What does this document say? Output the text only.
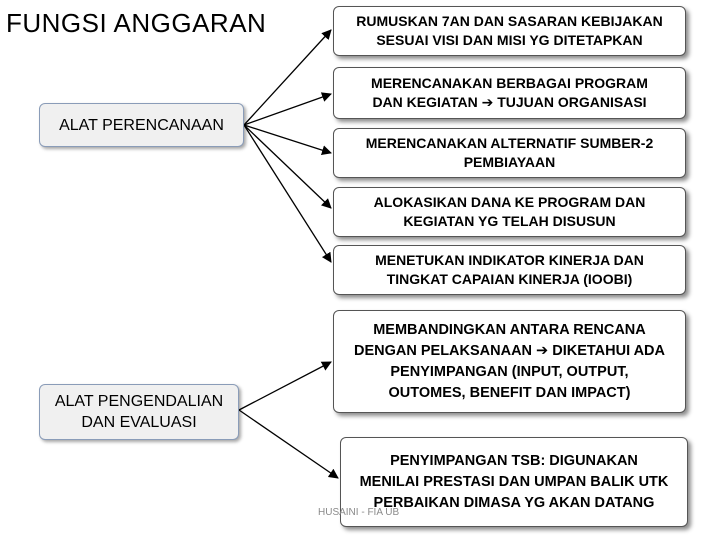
FUNGSI ANGGARAN
ALAT PERENCANAAN
ALAT PENGENDALIAN DAN EVALUASI
RUMUSKAN 7AN DAN SASARAN KEBIJAKAN
SESUAI VISI DAN MISI YG DITETAPKAN
MERENCANAKAN BERBAGAI PROGRAM
DAN KEGIATAN ➔ TUJUAN ORGANISASI
MERENCANAKAN ALTERNATIF SUMBER-2
PEMBIAYAAN
ALOKASIKAN DANA KE PROGRAM DAN
KEGIATAN YG TELAH DISUSUN
MENETUKAN INDIKATOR KINERJA DAN
TINGKAT CAPAIAN KINERJA (IOOBI)
MEMBANDINGKAN ANTARA RENCANA
DENGAN PELAKSANAAN ➔ DIKETAHUI ADA
PENYIMPANGAN (INPUT, OUTPUT,
OUTOMES, BENEFIT DAN IMPACT)
PENYIMPANGAN TSB: DIGUNAKAN
MENILAI PRESTASI DAN UMPAN BALIK UTK
PERBAIKAN DIMASA YG AKAN DATANG
HUSAINI - FIA UB
